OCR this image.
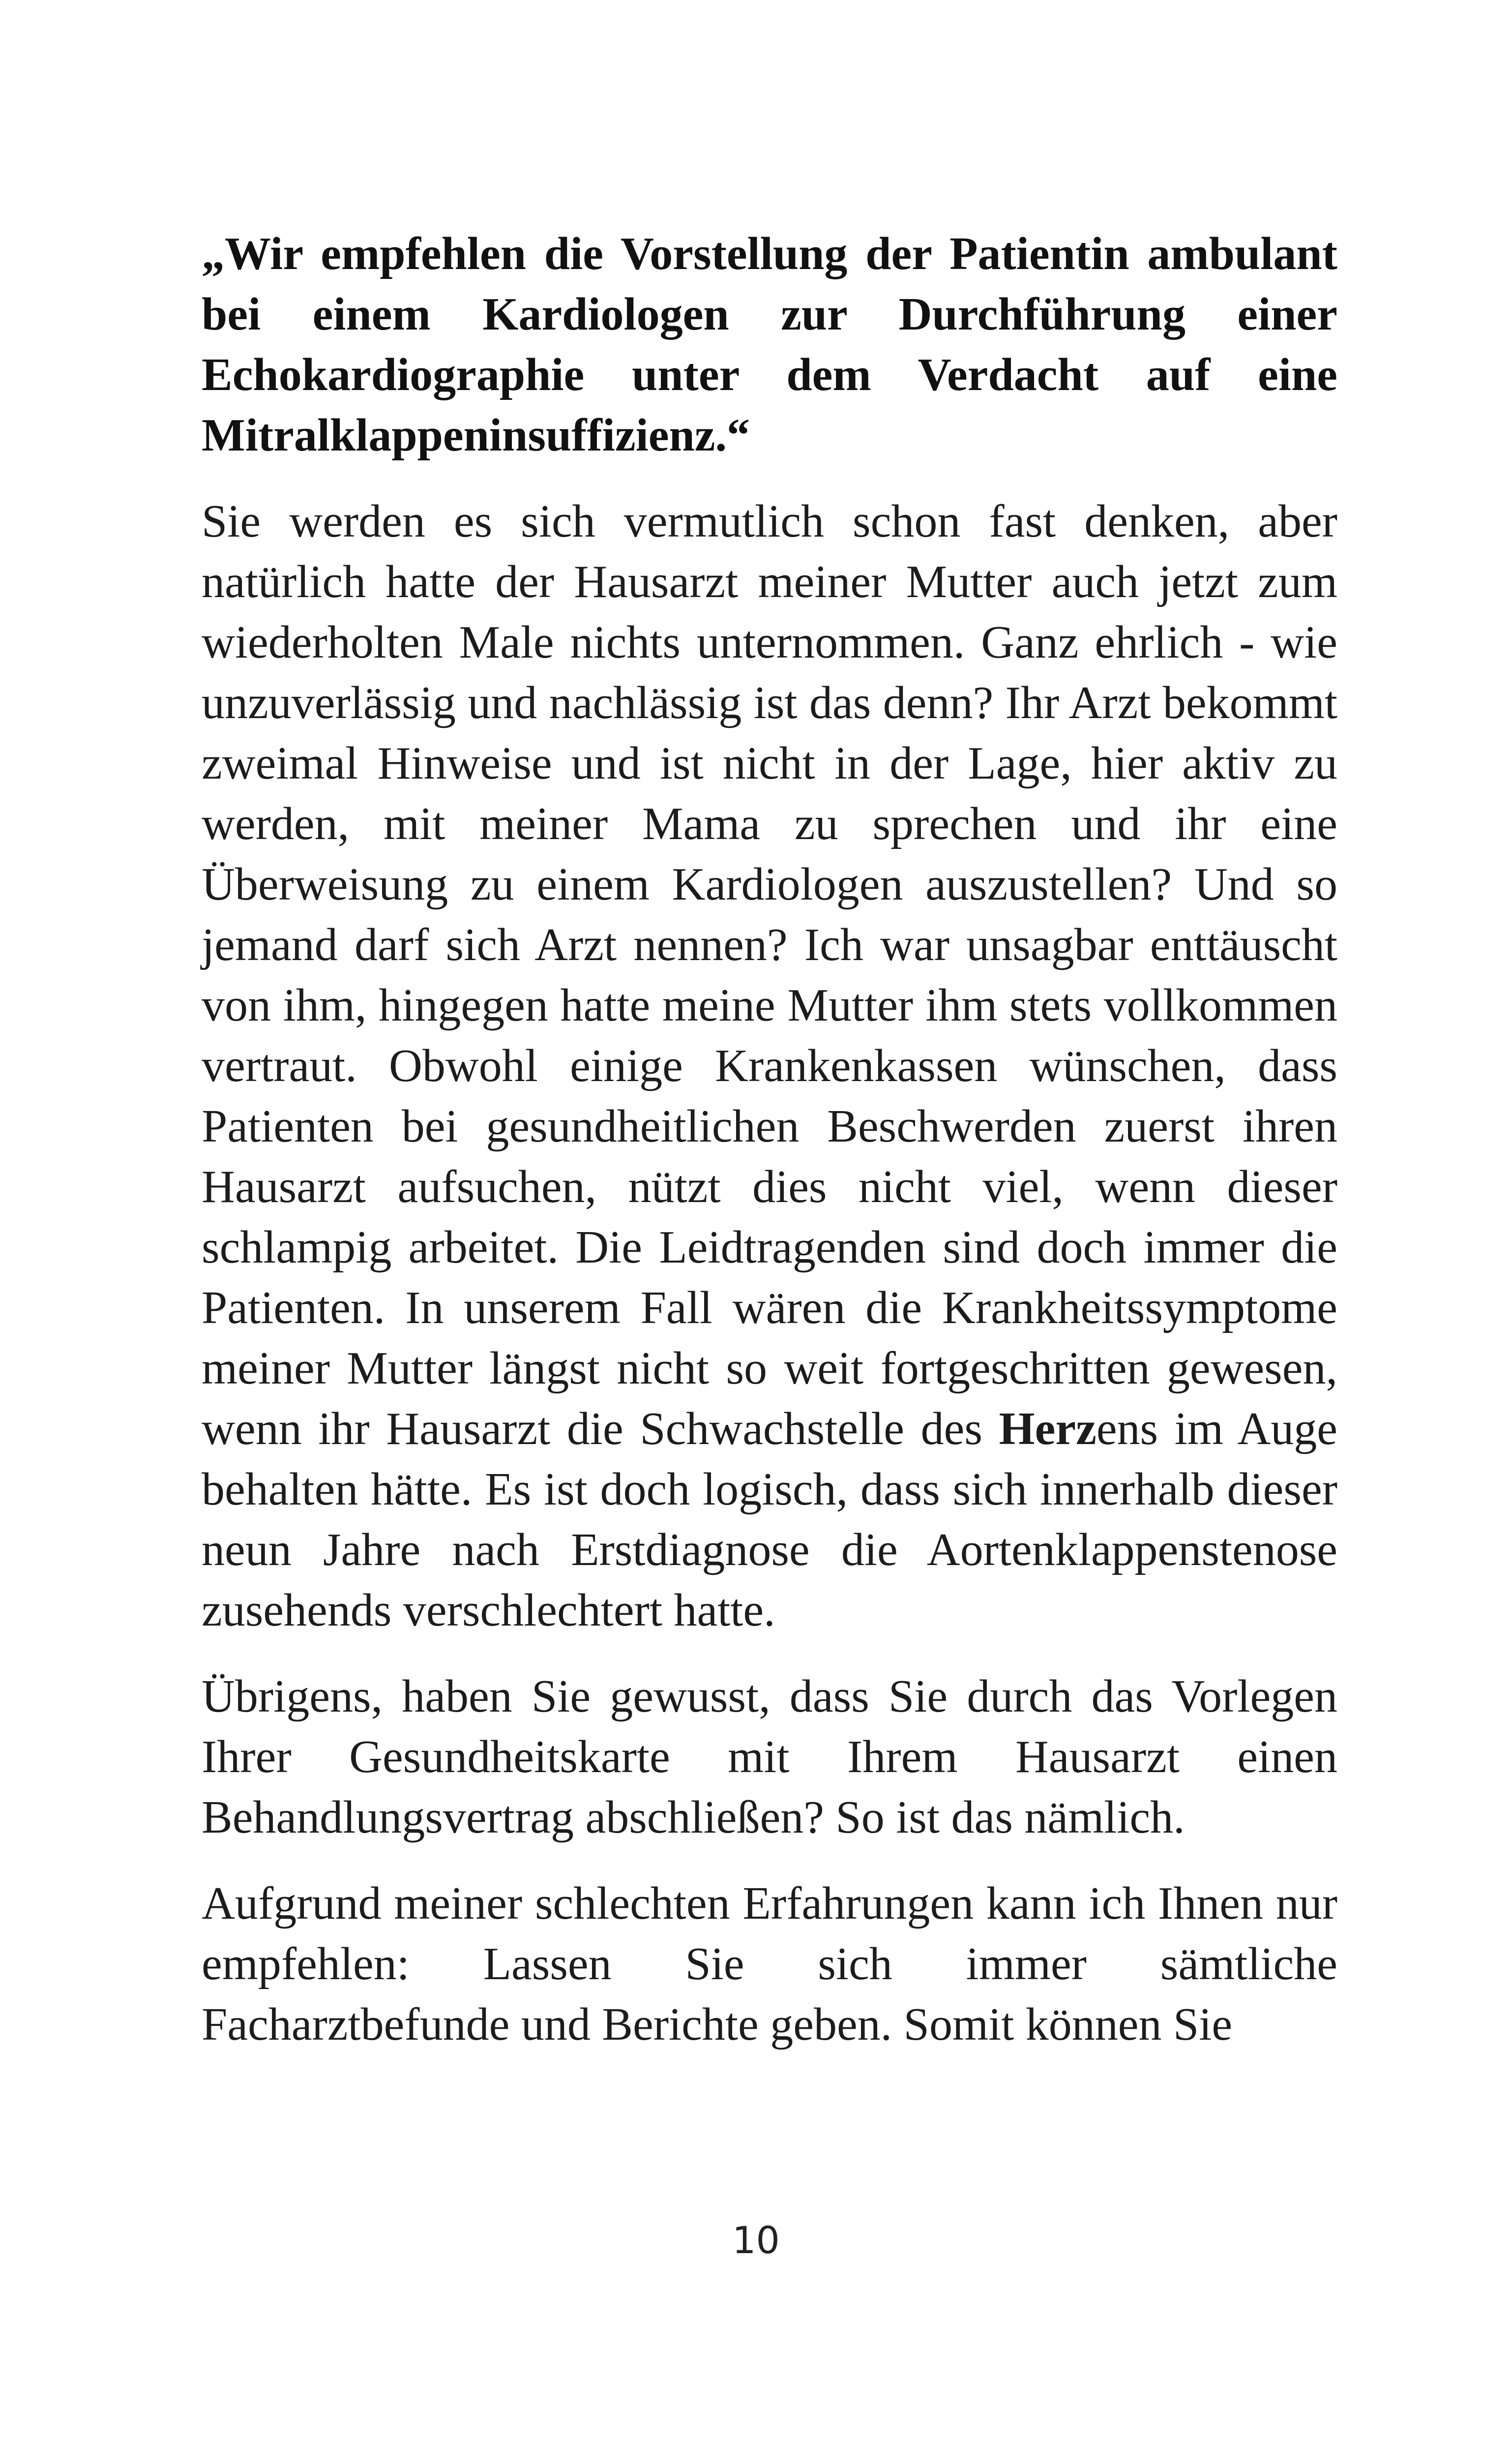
„Wir empfehlen die Vorstellung der Patientin ambulant bei einem Kardiologen zur Durchführung einer Echokardiographie unter dem Verdacht auf eine Mitralklappeninsuffizienz.“

Sie werden es sich vermutlich schon fast denken, aber natürlich hatte der Hausarzt meiner Mutter auch jetzt zum wiederholten Male nichts unternommen. Ganz ehrlich - wie unzuverlässig und nachlässig ist das denn? Ihr Arzt bekommt zweimal Hinweise und ist nicht in der Lage, hier aktiv zu werden, mit meiner Mama zu sprechen und ihr eine Überweisung zu einem Kardiologen auszustellen? Und so jemand darf sich Arzt nennen? Ich war unsagbar enttäuscht von ihm, hingegen hatte meine Mutter ihm stets vollkommen vertraut. Obwohl einige Krankenkassen wünschen, dass Patienten bei gesundheitlichen Beschwerden zuerst ihren Hausarzt aufsuchen, nützt dies nicht viel, wenn dieser schlampig arbeitet. Die Leidtragenden sind doch immer die Patienten. In unserem Fall wären die Krankheitssymptome meiner Mutter längst nicht so weit fortgeschritten gewesen, wenn ihr Hausarzt die Schwachstelle des Herzens im Auge behalten hätte. Es ist doch logisch, dass sich innerhalb dieser neun Jahre nach Erstdiagnose die Aortenklappenstenose zusehends verschlechtert hatte.

Übrigens, haben Sie gewusst, dass Sie durch das Vorlegen Ihrer Gesundheitskarte mit Ihrem Hausarzt einen Behandlungsvertrag abschließen? So ist das nämlich.

Aufgrund meiner schlechten Erfahrungen kann ich Ihnen nur empfehlen: Lassen Sie sich immer sämtliche Facharztbefunde und Berichte geben. Somit können Sie

10
